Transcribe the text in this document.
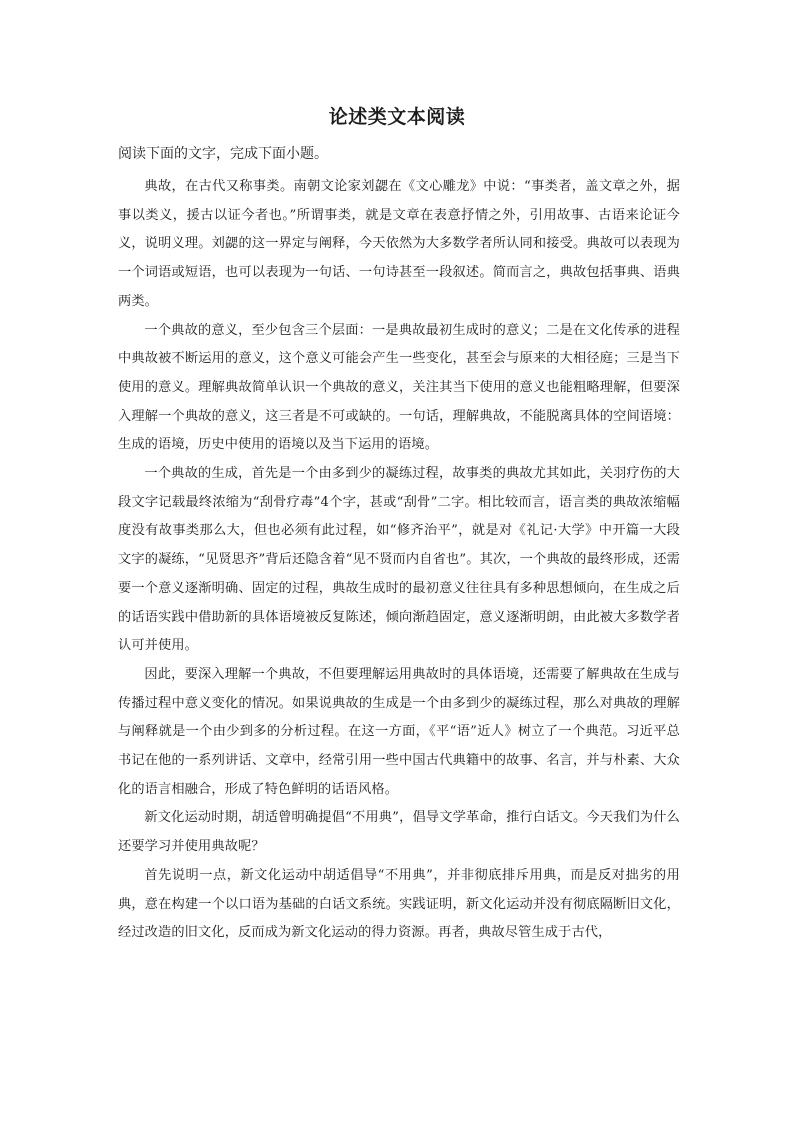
论述类文本阅读
阅读下面的文字，完成下面小题。

典故，在古代又称事类。南朝文论家刘勰在《文心雕龙》中说：“事类者，盖文章之外，据事以类义，援古以证今者也。”所谓事类，就是文章在表意抒情之外，引用故事、古语来论证今义，说明义理。刘勰的这一界定与阐释，今天依然为大多数学者所认同和接受。典故可以表现为一个词语或短语，也可以表现为一句话、一句诗甚至一段叙述。简而言之，典故包括事典、语典两类。

一个典故的意义，至少包含三个层面：一是典故最初生成时的意义；二是在文化传承的进程中典故被不断运用的意义，这个意义可能会产生一些变化，甚至会与原来的大相径庭；三是当下使用的意义。理解典故简单认识一个典故的意义，关注其当下使用的意义也能粗略理解，但要深入理解一个典故的意义，这三者是不可或缺的。一句话，理解典故，不能脱离具体的空间语境：生成的语境，历史中使用的语境以及当下运用的语境。

一个典故的生成，首先是一个由多到少的凝练过程，故事类的典故尤其如此，关羽疗伤的大段文字记载最终浓缩为“刮骨疗毒”4个字，甚或“刮骨”二字。相比较而言，语言类的典故浓缩幅度没有故事类那么大，但也必须有此过程，如“修齐治平”，就是对《礼记·大学》中开篇一大段文字的凝练，“见贤思齐”背后还隐含着“见不贤而内自省也”。其次，一个典故的最终形成，还需要一个意义逐渐明确、固定的过程，典故生成时的最初意义往往具有多种思想倾向，在生成之后的话语实践中借助新的具体语境被反复陈述，倾向渐趋固定，意义逐渐明朗，由此被大多数学者认可并使用。

因此，要深入理解一个典故，不但要理解运用典故时的具体语境，还需要了解典故在生成与传播过程中意义变化的情况。如果说典故的生成是一个由多到少的凝练过程，那么对典故的理解与阐释就是一个由少到多的分析过程。在这一方面，《平“语”近人》树立了一个典范。习近平总书记在他的一系列讲话、文章中，经常引用一些中国古代典籍中的故事、名言，并与朴素、大众化的语言相融合，形成了特色鲜明的话语风格。

新文化运动时期，胡适曾明确提倡“不用典”，倡导文学革命，推行白话文。今天我们为什么还要学习并使用典故呢？

首先说明一点，新文化运动中胡适倡导“不用典”，并非彻底排斥用典，而是反对拙劣的用典，意在构建一个以口语为基础的白话文系统。实践证明，新文化运动并没有彻底隔断旧文化，经过改造的旧文化，反而成为新文化运动的得力资源。再者，典故尽管生成于古代，
